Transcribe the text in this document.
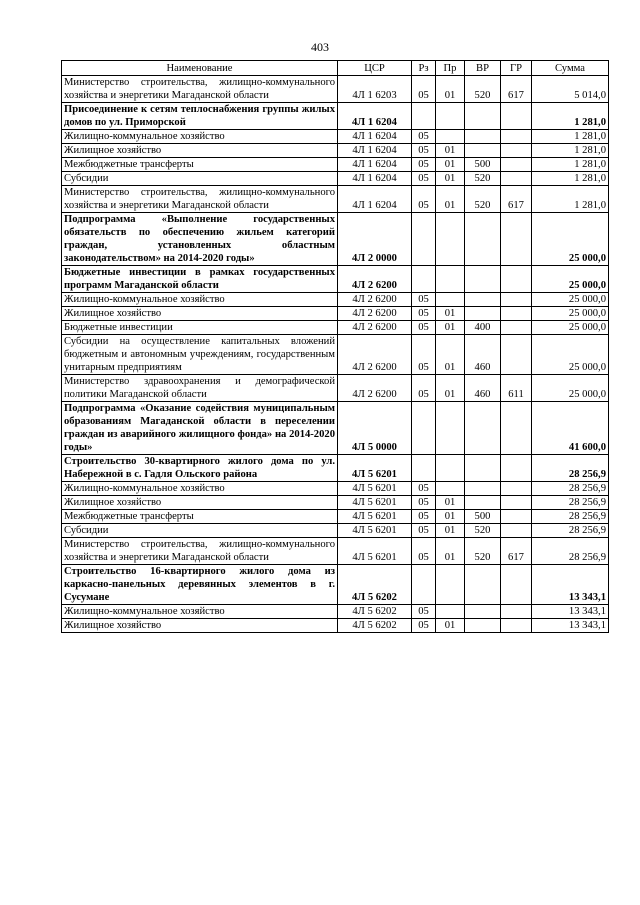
403
Наименование	ЦСР	Рз	Пр	ВР	ГР	Сумма
Министерство строительства, жилищно-коммунального хозяйства и энергетики Магаданской области	4Л 1 6203	05	01	520	617	5 014,0
Присоединение к сетям теплоснабжения группы жилых домов по ул. Приморской	4Л 1 6204					1 281,0
Жилищно-коммунальное хозяйство	4Л 1 6204	05				1 281,0
Жилищное хозяйство	4Л 1 6204	05	01			1 281,0
Межбюджетные трансферты	4Л 1 6204	05	01	500		1 281,0
Субсидии	4Л 1 6204	05	01	520		1 281,0
Министерство строительства, жилищно-коммунального хозяйства и энергетики Магаданской области	4Л 1 6204	05	01	520	617	1 281,0
Подпрограмма «Выполнение государственных обязательств по обеспечению жильем категорий граждан, установленных областным законодательством» на 2014-2020 годы»	4Л 2 0000					25 000,0
Бюджетные инвестиции в рамках государственных программ Магаданской области	4Л 2 6200					25 000,0
Жилищно-коммунальное хозяйство	4Л 2 6200	05				25 000,0
Жилищное хозяйство	4Л 2 6200	05	01			25 000,0
Бюджетные инвестиции	4Л 2 6200	05	01	400		25 000,0
Субсидии на осуществление капитальных вложений бюджетным и автономным учреждениям, государственным унитарным предприятиям	4Л 2 6200	05	01	460		25 000,0
Министерство здравоохранения и демографической политики Магаданской области	4Л 2 6200	05	01	460	611	25 000,0
Подпрограмма «Оказание содействия муниципальным образованиям Магаданской области в переселении граждан из аварийного жилищного фонда» на 2014-2020 годы»	4Л 5 0000					41 600,0
Строительство 30-квартирного жилого дома по ул. Набережной в с. Гадля Ольского района	4Л 5 6201					28 256,9
Жилищно-коммунальное хозяйство	4Л 5 6201	05				28 256,9
Жилищное хозяйство	4Л 5 6201	05	01			28 256,9
Межбюджетные трансферты	4Л 5 6201	05	01	500		28 256,9
Субсидии	4Л 5 6201	05	01	520		28 256,9
Министерство строительства, жилищно-коммунального хозяйства и энергетики Магаданской области	4Л 5 6201	05	01	520	617	28 256,9
Строительство 16-квартирного жилого дома из каркасно-панельных деревянных элементов в г. Сусумане	4Л 5 6202					13 343,1
Жилищно-коммунальное хозяйство	4Л 5 6202	05				13 343,1
Жилищное хозяйство	4Л 5 6202	05	01			13 343,1
